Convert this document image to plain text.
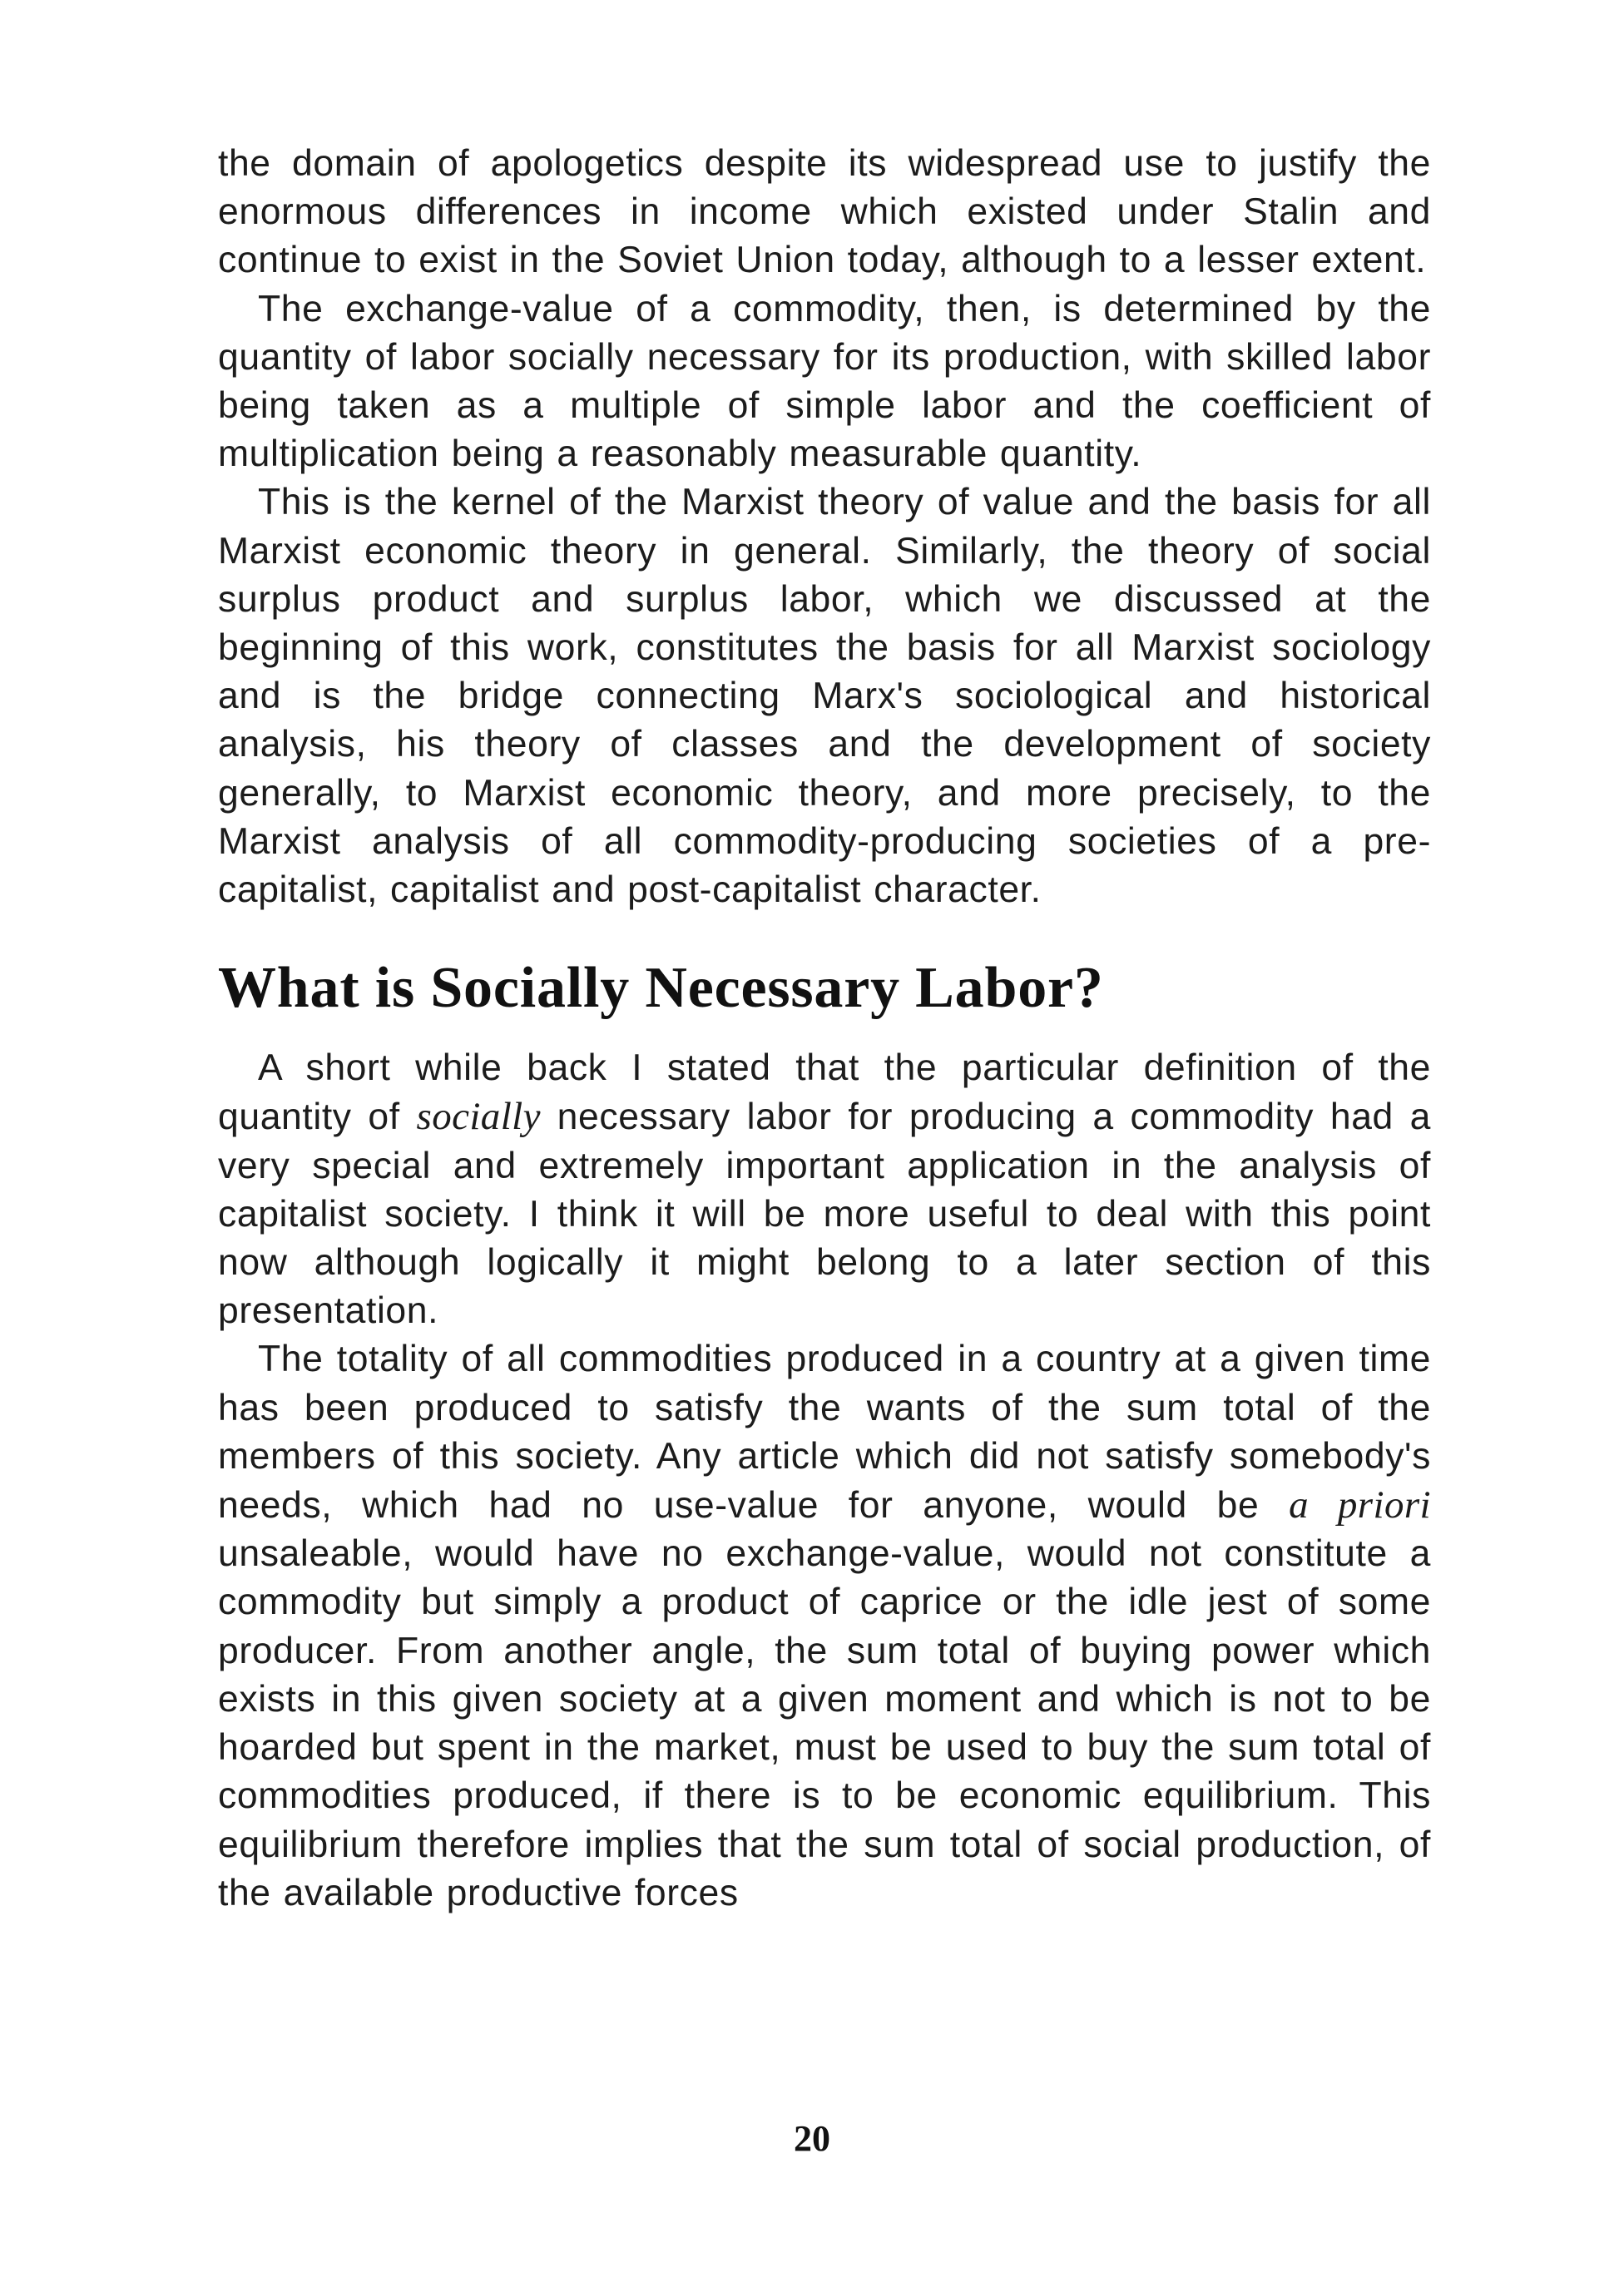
the domain of apologetics despite its widespread use to justify the enormous differences in income which existed under Stalin and continue to exist in the Soviet Union today, although to a lesser extent.

The exchange-value of a commodity, then, is determined by the quantity of labor socially necessary for its production, with skilled labor being taken as a multiple of simple labor and the coefficient of multiplication being a reasonably measurable quantity.

This is the kernel of the Marxist theory of value and the basis for all Marxist economic theory in general. Similarly, the theory of social surplus product and surplus labor, which we discussed at the beginning of this work, constitutes the basis for all Marxist sociology and is the bridge connecting Marx's sociological and historical analysis, his theory of classes and the development of society generally, to Marxist economic theory, and more precisely, to the Marxist analysis of all commodity-producing societies of a pre-capitalist, capitalist and post-capitalist character.

What is Socially Necessary Labor?

A short while back I stated that the particular definition of the quantity of socially necessary labor for producing a commodity had a very special and extremely important application in the analysis of capitalist society. I think it will be more useful to deal with this point now although logically it might belong to a later section of this presentation.

The totality of all commodities produced in a country at a given time has been produced to satisfy the wants of the sum total of the members of this society. Any article which did not satisfy somebody's needs, which had no use-value for anyone, would be a priori unsaleable, would have no exchange-value, would not constitute a commodity but simply a product of caprice or the idle jest of some producer. From another angle, the sum total of buying power which exists in this given society at a given moment and which is not to be hoarded but spent in the market, must be used to buy the sum total of commodities produced, if there is to be economic equilibrium. This equilibrium therefore implies that the sum total of social production, of the available productive forces

20
